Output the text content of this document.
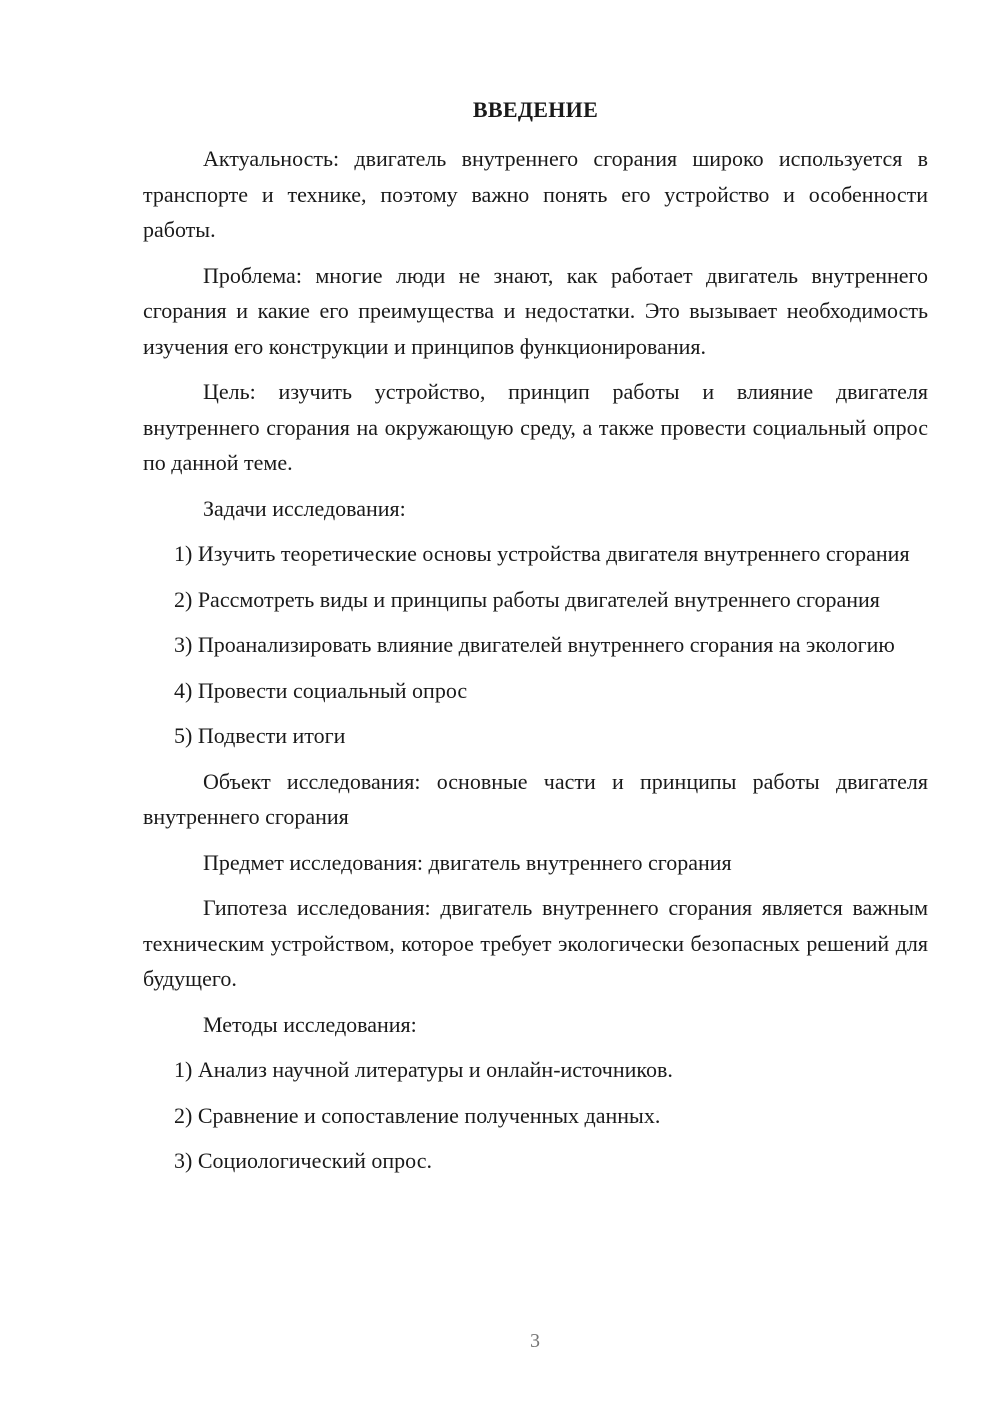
ВВЕДЕНИЕ

Актуальность: двигатель внутреннего сгорания широко используется в транспорте и технике, поэтому важно понять его устройство и особенности работы.

Проблема: многие люди не знают, как работает двигатель внутреннего сгорания и какие его преимущества и недостатки. Это вызывает необходимость изучения его конструкции и принципов функционирования.

Цель: изучить устройство, принцип работы и влияние двигателя внутреннего сгорания на окружающую среду, а также провести социальный опрос по данной теме.

Задачи исследования:

1) Изучить теоретические основы устройства двигателя внутреннего сгорания

2) Рассмотреть виды и принципы работы двигателей внутреннего сгорания

3) Проанализировать влияние двигателей внутреннего сгорания на экологию

4) Провести социальный опрос

5) Подвести итоги

Объект исследования: основные части и принципы работы двигателя внутреннего сгорания

Предмет исследования: двигатель внутреннего сгорания

Гипотеза исследования: двигатель внутреннего сгорания является важным техническим устройством, которое требует экологически безопасных решений для будущего.

Методы исследования:

1) Анализ научной литературы и онлайн-источников.

2) Сравнение и сопоставление полученных данных.

3) Социологический опрос.

3
